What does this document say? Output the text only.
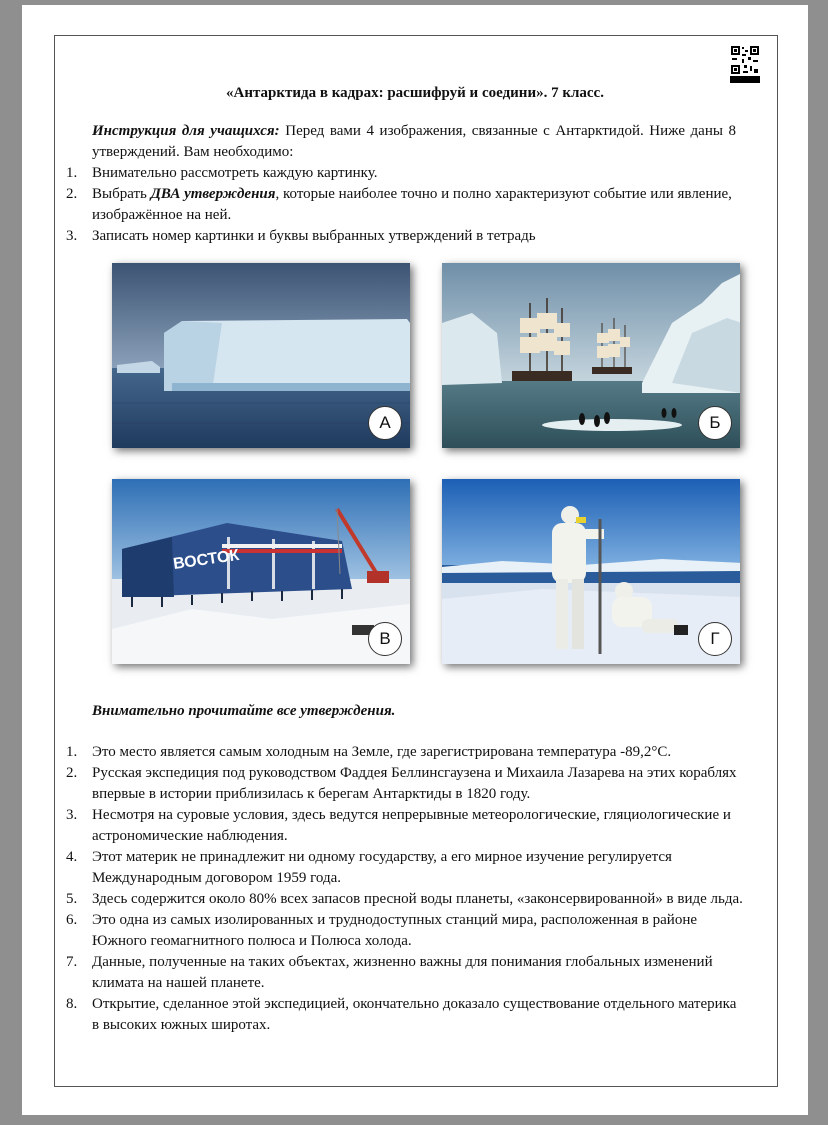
«Антарктида в кадрах: расшифруй и соедини». 7 класс.
Инструкция для учащихся: Перед вами 4 изображения, связанные с Антарктидой. Ниже даны 8 утверждений. Вам необходимо:
1. Внимательно рассмотреть каждую картинку.
2. Выбрать ДВА утверждения, которые наиболее точно и полно характеризуют событие или явление, изображённое на ней.
3. Записать номер картинки и буквы выбранных утверждений в тетрадь
А	Б
ВОСТОК
В	Г
Внимательно прочитайте все утверждения.
1. Это место является самым холодным на Земле, где зарегистрирована температура -89,2°С.
2. Русская экспедиция под руководством Фаддея Беллинсгаузена и Михаила Лазарева на этих кораблях впервые в истории приблизилась к берегам Антарктиды в 1820 году.
3. Несмотря на суровые условия, здесь ведутся непрерывные метеорологические, гляциологические и астрономические наблюдения.
4. Этот материк не принадлежит ни одному государству, а его мирное изучение регулируется Международным договором 1959 года.
5. Здесь содержится около 80% всех запасов пресной воды планеты, «законсервированной» в виде льда.
6. Это одна из самых изолированных и труднодоступных станций мира, расположенная в районе Южного геомагнитного полюса и Полюса холода.
7. Данные, полученные на таких объектах, жизненно важны для понимания глобальных изменений климата на нашей планете.
8. Открытие, сделанное этой экспедицией, окончательно доказало существование отдельного материка в высоких южных широтах.
